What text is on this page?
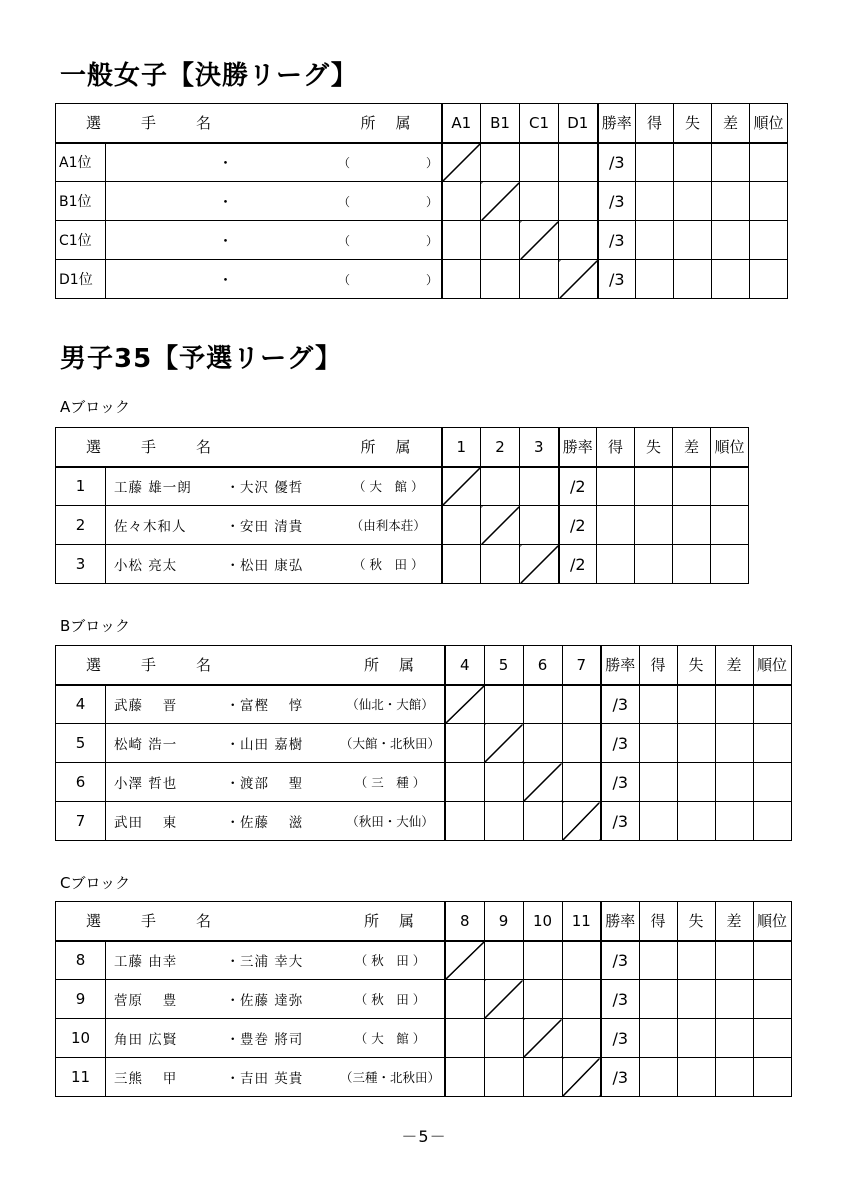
一般女子【決勝リーグ】
選 手 名 所 属		A1	B1	C1	D1	勝率	得	失	差	順位
A1位	・ （ ）					/3				
B1位	・ （ ）					/3				
C1位	・ （ ）					/3				
D1位	・ （ ）					/3				
男子35【予選リーグ】

Aブロック

選 手 名 所 属		1	2	3	勝率	得	失	差	順位
1	工藤 雄一朗 ・ 大沢 優哲 （ 大　館 ）				/2				
2	佐々木和人 ・ 安田 清貴 （由利本荘）				/2				
3	小松 亮太 ・ 松田 康弘 （ 秋　田 ）				/2				

Bブロック

選 手 名 所 属		4	5	6	7	勝率	得	失	差	順位
4	武藤　 晋 ・ 富樫　 惇 （仙北・大館）					/3				
5	松崎 浩一 ・ 山田 嘉樹 （大館・北秋田）					/3				
6	小澤 哲也 ・ 渡部　 聖 （ 三　種 ）					/3				
7	武田　 東 ・ 佐藤　 滋 （秋田・大仙）					/3				

Cブロック

選 手 名 所 属		8	9	10	11	勝率	得	失	差	順位
8	工藤 由幸 ・ 三浦 幸大 （ 秋　田 ）					/3				
9	菅原　 豊 ・ 佐藤 達弥 （ 秋　田 ）					/3				
10	角田 広賢 ・ 豊巻 將司 （ 大　館 ）					/3				
11	三熊　 甲 ・ 吉田 英貴 （三種・北秋田）					/3				
－5－
